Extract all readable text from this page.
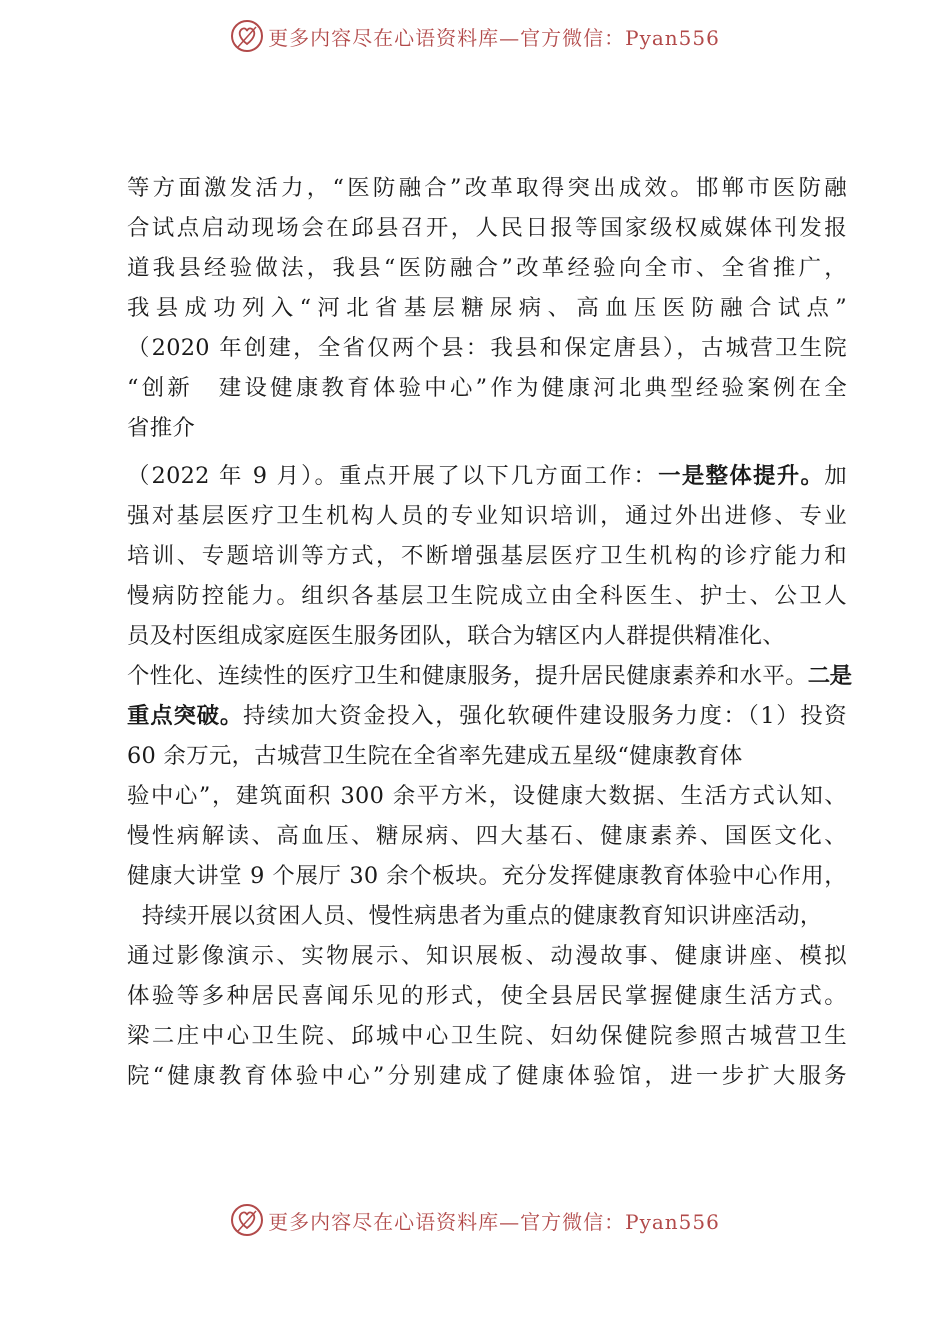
更多内容尽在心语资料库—官方微信：Pyan556
等方面激发活力，“医防融合”改革取得突出成效。邯郸市医防融
合试点启动现场会在邱县召开，人民日报等国家级权威媒体刊发报
道我县经验做法，我县“医防融合”改革经验向全市、全省推广，
我县成功列入“河北省基层糖尿病、高血压医防融合试点”
（2020 年创建，全省仅两个县：我县和保定唐县），古城营卫生院
“创新　建设健康教育体验中心”作为健康河北典型经验案例在全
省推介
（2022 年 9 月）。重点开展了以下几方面工作：一是整体提升。加
强对基层医疗卫生机构人员的专业知识培训，通过外出进修、专业
培训、专题培训等方式，不断增强基层医疗卫生机构的诊疗能力和
慢病防控能力。组织各基层卫生院成立由全科医生、护士、公卫人
员及村医组成家庭医生服务团队，联合为辖区内人群提供精准化、
个性化、连续性的医疗卫生和健康服务，提升居民健康素养和水平。二是
重点突破。持续加大资金投入，强化软硬件建设服务力度：（1）投资
60 余万元，古城营卫生院在全省率先建成五星级“健康教育体
验中心”，建筑面积 300 余平方米，设健康大数据、生活方式认知、
慢性病解读、高血压、糖尿病、四大基石、健康素养、国医文化、
健康大讲堂 9 个展厅 30 余个板块。充分发挥健康教育体验中心作用，
持续开展以贫困人员、慢性病患者为重点的健康教育知识讲座活动，
通过影像演示、实物展示、知识展板、动漫故事、健康讲座、模拟
体验等多种居民喜闻乐见的形式，使全县居民掌握健康生活方式。
梁二庄中心卫生院、邱城中心卫生院、妇幼保健院参照古城营卫生
院“健康教育体验中心”分别建成了健康体验馆，进一步扩大服务
更多内容尽在心语资料库—官方微信：Pyan556
